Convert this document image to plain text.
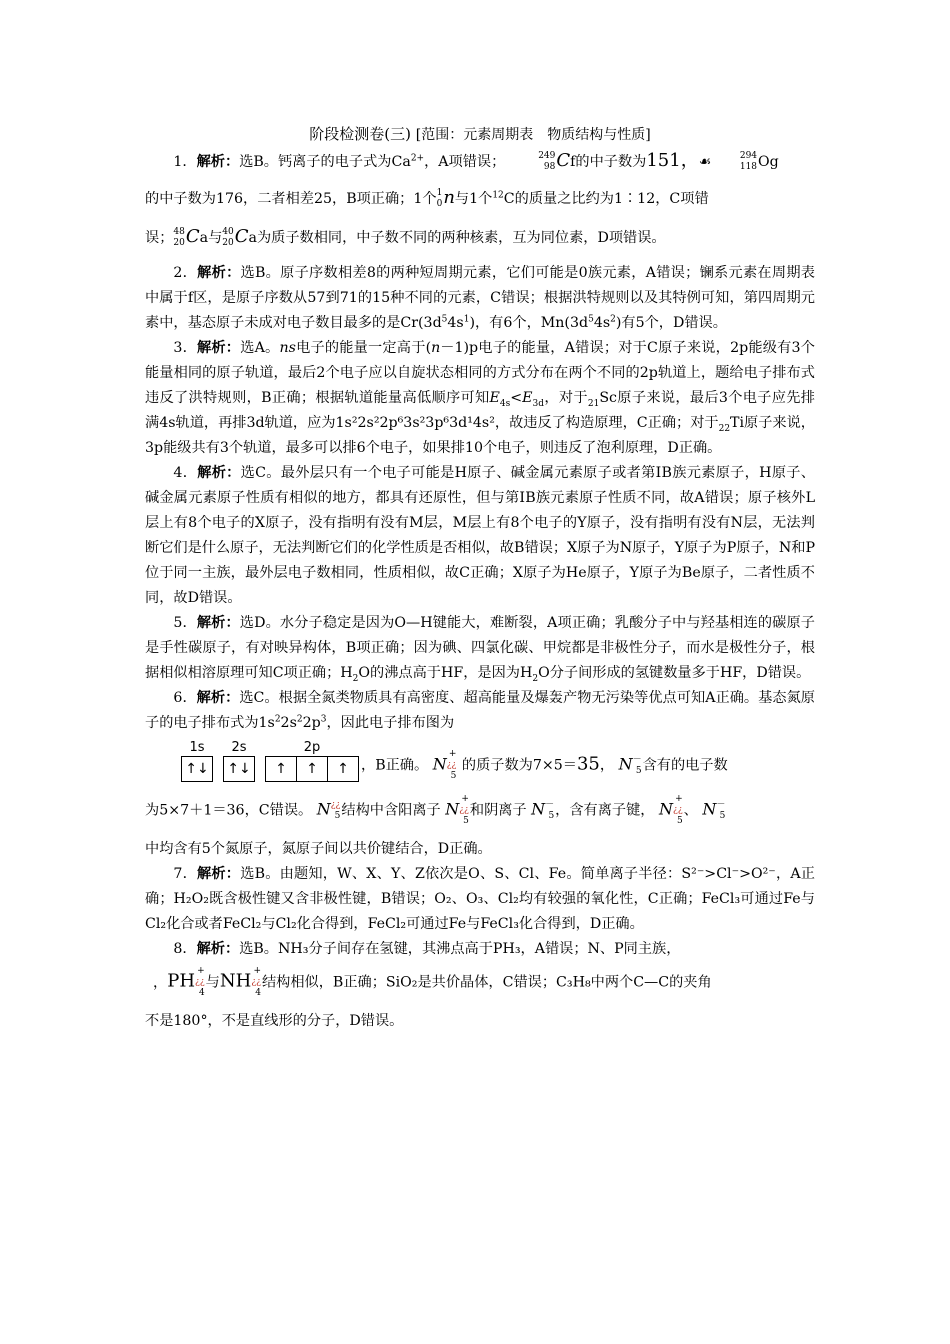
阶段检测卷(三) [范围：元素周期表　物质结构与性质]

1．解析：选B。钙离子的电子式为$Ca^{2+}$，A项错误；	249
98 Cf的中子数为151，☙	294
118 Og

的中子数为176，二者相差25，B项正确；1个 1
0 n与1个$^{12}$C的质量之比约为1∶12，C项错

误； 48
20 Ca与 40
20 Ca为质子数相同，中子数不同的两种核素，互为同位素，D项错误。

2．解析：选B。原子序数相差8的两种短周期元素，它们可能是0族元素，A错误；镧系元素在周期表中属于f区，是原子序数从57到71的15种不同的元素，C错误；根据洪特规则以及其特例可知，第四周期元素中，基态原子未成对电子数目最多的是$Cr(3d^54s^1)$，有6个，$Mn(3d^54s^2)$有5个，D错误。

3．解析：选A。ns电子的能量一定高于(n－1)p电子的能量，A错误；对于C原子来说，2p能级有3个能量相同的原子轨道，最后2个电子应以自旋状态相同的方式分布在两个不同的2p轨道上，题给电子排布式违反了洪特规则，B正确；根据轨道能量高低顺序可知$E_{4s}<E_{3d}$，对于$_{21}$Sc原子来说，最后3个电子应先排满4s轨道，再排3d轨道，应为1s²2s²2p⁶3s²3p⁶3d¹4s²，故违反了构造原理，C正确；对于$_{22}$Ti原子来说，3p能级共有3个轨道，最多可以排6个电子，如果排10个电子，则违反了泡利原理，D正确。

4．解析：选C。最外层只有一个电子可能是H原子、碱金属元素原子或者第ⅠB族元素原子，H原子、碱金属元素原子性质有相似的地方，都具有还原性，但与第ⅠB族元素原子性质不同，故A错误；原子核外L层上有8个电子的X原子，没有指明有没有M层，M层上有8个电子的Y原子，没有指明有没有N层，无法判断它们是什么原子，无法判断它们的化学性质是否相似，故B错误；X原子为N原子，Y原子为P原子，N和P位于同一主族，最外层电子数相同，性质相似，故C正确；X原子为He原子，Y原子为Be原子，二者性质不同，故D错误。

5．解析：选D。水分子稳定是因为O—H键能大，难断裂，A项正确；乳酸分子中与羟基相连的碳原子是手性碳原子，有对映异构体，B项正确；因为碘、四氯化碳、甲烷都是非极性分子，而水是极性分子，根据相似相溶原理可知C项正确；$H_2O$的沸点高于HF，是因为$H_2O$分子间形成的氢键数量多于HF，D错误。

6．解析：选C。根据全氮类物质具有高密度、超高能量及爆轰产物无污染等优点可知A正确。基态氮原子的电子排布式为$1s^22s^22p^3$，因此电子排布图为

1s
↑↓
2s
↑↓
2p
↑	↑	↑ ，B正确。 N
+
¿¿
5
的质子数为7×5＝35， N －
5 含有的电子数

为5×7＋1＝36，C错误。 N ¿¿
5 结构中含阳离子 N
+
¿¿
5
和阴离子 N －
5 ，含有离子键， N
+
¿¿
5
、 N －
5

中均含有5个氮原子，氮原子间以共价键结合，D正确。

7．解析：选B。由题知，W、X、Y、Z依次是O、S、Cl、Fe。简单离子半径：S²⁻>Cl⁻>O²⁻，A正确；H₂O₂既含极性键又含非极性键，B错误；O₂、O₃、Cl₂均有较强的氧化性，C正确；FeCl₃可通过Fe与Cl₂化合或者FeCl₂与Cl₂化合得到，FeCl₂可通过Fe与FeCl₃化合得到，D正确。

8．解析：选B。NH₃分子间存在氢键，其沸点高于PH₃，A错误；N、P同主族，

，PH +
¿¿
4
与NH +
¿¿
4
结构相似，B正确；SiO₂是共价晶体，C错误；C₃H₈中两个C—C的夹角

不是180°，不是直线形的分子，D错误。
